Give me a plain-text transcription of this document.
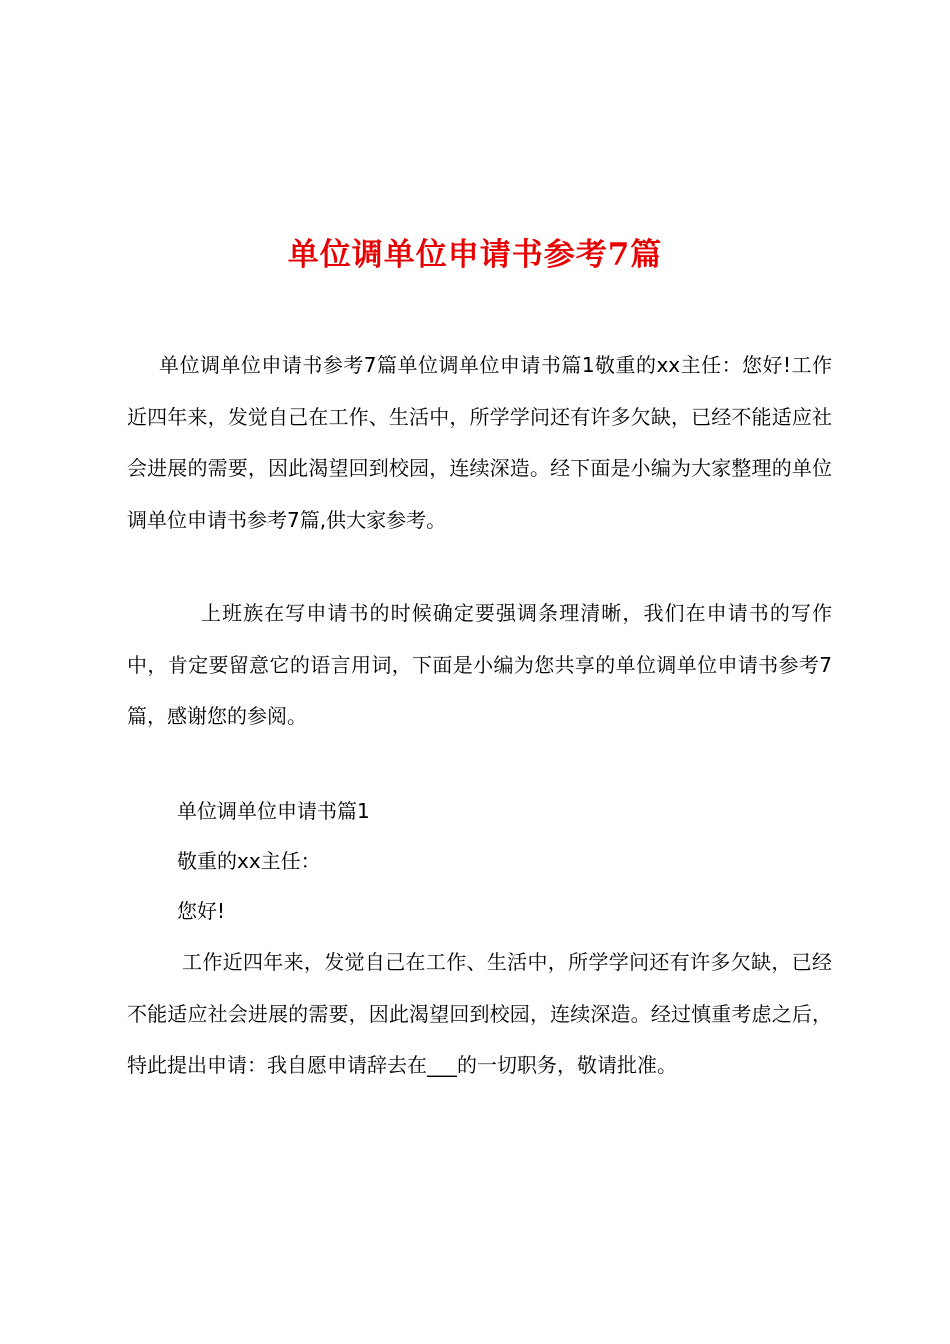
单位调单位申请书参考7篇

单位调单位申请书参考7篇单位调单位申请书篇1敬重的xx主任：您好!工作近四年来，发觉自己在工作、生活中，所学学问还有许多欠缺，已经不能适应社会进展的需要，因此渴望回到校园，连续深造。经下面是小编为大家整理的单位调单位申请书参考7篇,供大家参考。

上班族在写申请书的时候确定要强调条理清晰，我们在申请书的写作中，肯定要留意它的语言用词，下面是小编为您共享的单位调单位申请书参考7篇，感谢您的参阅。

单位调单位申请书篇1

敬重的xx主任：

您好!

工作近四年来，发觉自己在工作、生活中，所学学问还有许多欠缺，已经不能适应社会进展的需要，因此渴望回到校园，连续深造。经过慎重考虑之后，特此提出申请：我自愿申请辞去在___的一切职务，敬请批准。
